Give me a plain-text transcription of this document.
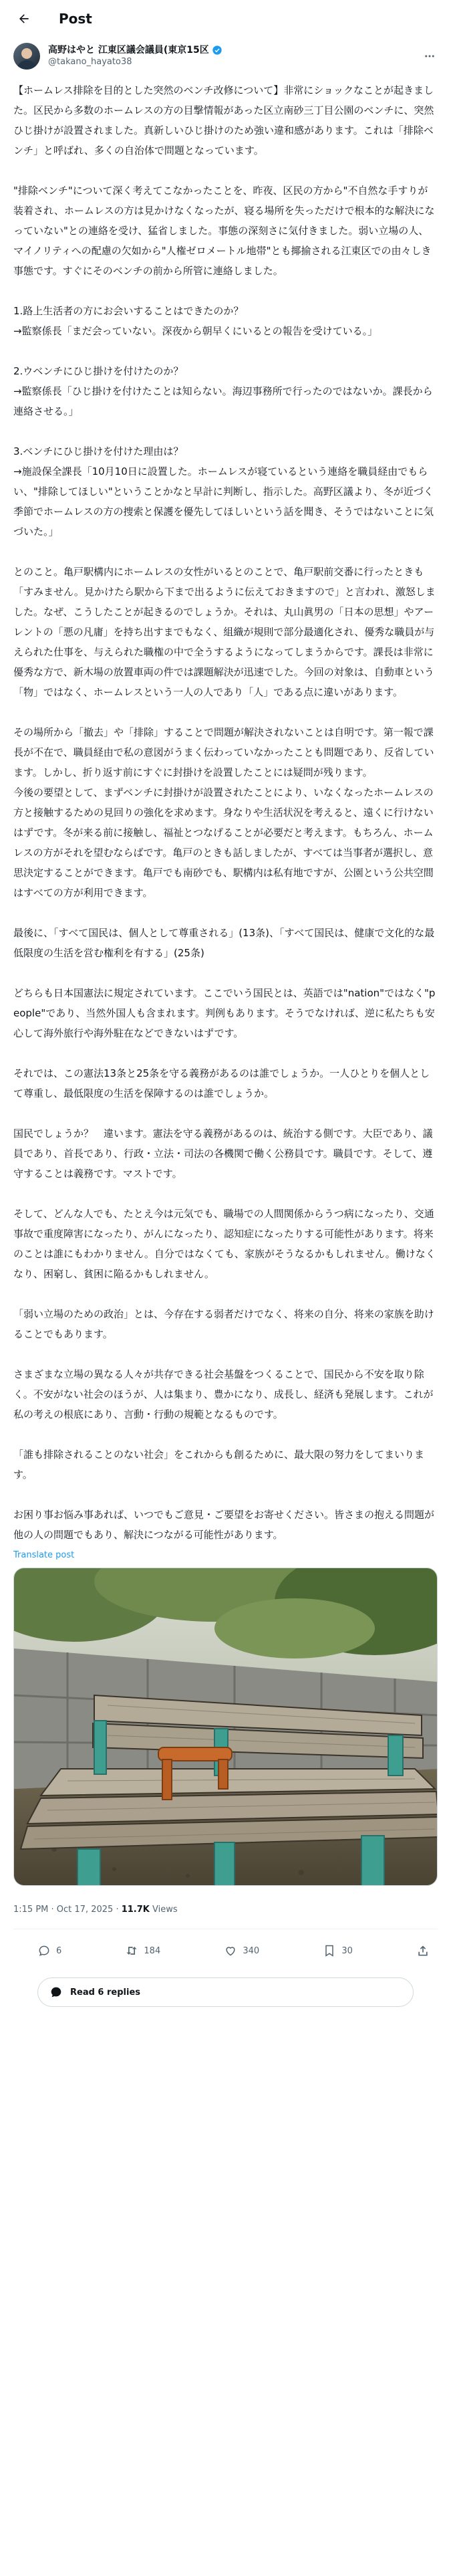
Post
高野はやと 江東区議会議員(東京15区
@takano_hayato38
【ホームレス排除を目的とした突然のベンチ改修について】非常にショックなことが起きました。区民から多数のホームレスの方の目撃情報があった区立南砂三丁目公園のベンチに、突然ひじ掛けが設置されました。真新しいひじ掛けのため強い違和感があります。これは「排除ベンチ」と呼ばれ、多くの自治体で問題となっています。

"排除ベンチ"について深く考えてこなかったことを、昨夜、区民の方から"不自然な手すりが装着され、ホームレスの方は見かけなくなったが、寝る場所を失っただけで根本的な解決になっていない"との連絡を受け、猛省しました。事態の深刻さに気付きました。弱い立場の人、マイノリティへの配慮の欠如から"人権ゼロメートル地帯"とも揶揄される江東区での由々しき事態です。すぐにそのベンチの前から所管に連絡しました。

1.路上生活者の方にお会いすることはできたのか？
→監察係長「まだ会っていない。深夜から朝早くにいるとの報告を受けている。」

2.ウベンチにひじ掛けを付けたのか？
→監察係長「ひじ掛けを付けたことは知らない。海辺事務所で行ったのではないか。課長から連絡させる。」

3.ベンチにひじ掛けを付けた理由は？
→施設保全課長「10月10日に設置した。ホームレスが寝ているという連絡を職員経由でもらい、"排除してほしい"ということかなと早計に判断し、指示した。高野区議より、冬が近づく季節でホームレスの方の捜索と保護を優先してほしいという話を聞き、そうではないことに気づいた。」

とのこと。亀戸駅構内にホームレスの女性がいるとのことで、亀戸駅前交番に行ったときも「すみません。見かけたら駅から下まで出るように伝えておきますので」と言われ、激怒しました。なぜ、こうしたことが起きるのでしょうか。それは、丸山眞男の「日本の思想」やアーレントの「悪の凡庸」を持ち出すまでもなく、組織が規則で部分最適化され、優秀な職員が与えられた仕事を、与えられた職権の中で全うするようになってしまうからです。課長は非常に優秀な方で、新木場の放置車両の件では課題解決が迅速でした。今回の対象は、自動車という「物」ではなく、ホームレスという一人の人であり「人」である点に違いがあります。

その場所から「撤去」や「排除」することで問題が解決されないことは自明です。第一報で課長が不在で、職員経由で私の意図がうまく伝わっていなかったことも問題であり、反省しています。しかし、折り返す前にすぐに封掛けを設置したことには疑問が残ります。
今後の要望として、まずベンチに封掛けが設置されたことにより、いなくなったホームレスの方と接触するための見回りの強化を求めます。身なりや生活状況を考えると、遠くに行けないはずです。冬が来る前に接触し、福祉とつなげることが必要だと考えます。もちろん、ホームレスの方がそれを望むならばです。亀戸のときも話しましたが、すべては当事者が選択し、意思決定することができます。亀戸でも南砂でも、駅構内は私有地ですが、公園という公共空間はすべての方が利用できます。

最後に、「すべて国民は、個人として尊重される」(13条)、「すべて国民は、健康で文化的な最低限度の生活を営む権利を有する」(25条)

どちらも日本国憲法に規定されています。ここでいう国民とは、英語では"nation"ではなく"people"であり、当然外国人も含まれます。判例もあります。そうでなければ、逆に私たちも安心して海外旅行や海外駐在などできないはずです。

それでは、この憲法13条と25条を守る義務があるのは誰でしょうか。一人ひとりを個人として尊重し、最低限度の生活を保障するのは誰でしょうか。

国民でしょうか？　違います。憲法を守る義務があるのは、統治する側です。大臣であり、議員であり、首長であり、行政・立法・司法の各機関で働く公務員です。職員です。そして、遵守することは義務です。マストです。

そして、どんな人でも、たとえ今は元気でも、職場での人間関係からうつ病になったり、交通事故で重度障害になったり、がんになったり、認知症になったりする可能性があります。将来のことは誰にもわかりません。自分ではなくても、家族がそうなるかもしれません。働けなくなり、困窮し、貧困に陥るかもしれません。

「弱い立場のための政治」とは、今存在する弱者だけでなく、将来の自分、将来の家族を助けることでもあります。

さまざまな立場の異なる人々が共存できる社会基盤をつくることで、国民から不安を取り除く。不安がない社会のほうが、人は集まり、豊かになり、成長し、経済も発展します。これが私の考えの根底にあり、言動・行動の規範となるものです。

「誰も排除されることのない社会」をこれからも創るために、最大限の努力をしてまいります。

お困り事お悩み事あれば、いつでもご意見・ご要望をお寄せください。皆さまの抱える問題が他の人の問題でもあり、解決につながる可能性があります。
Translate post
1:15 PM · Oct 17, 2025 · 11.7K Views
6	184	340	30
Read 6 replies
